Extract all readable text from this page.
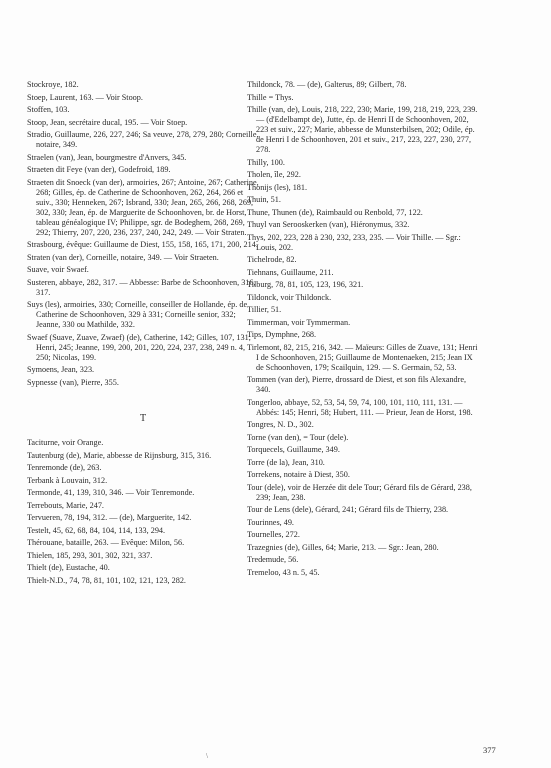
Stockroye, 182.
Stoep, Laurent, 163. — Voir Stoop.
Stoffen, 103.
Stoop, Jean, secrétaire ducal, 195. — Voir Stoep.
Stradio, Guillaume, 226, 227, 246; Sa veuve, 278, 279, 280; Corneille, notaire, 349.
Straelen (van), Jean, bourgmestre d'Anvers, 345.
Straeten dit Feye (van der), Godefroid, 189.
Straeten dit Snoeck (van der), armoiries, 267; Antoine, 267; Catherine, 268; Gilles, ép. de Catherine de Schoonhoven, 262, 264, 266 et suiv., 330; Henneken, 267; Isbrand, 330; Jean, 265, 266, 268, 269, 302, 330; Jean, ép. de Marguerite de Schoonhoven, br. de Horst, tableau généalogique IV; Philippe, sgr. de Bodeghem, 268, 269, 292; Thierry, 207, 220, 236, 237, 240, 242, 249. — Voir Straten.
Strasbourg, évêque: Guillaume de Diest, 155, 158, 165, 171, 200, 214.
Straten (van der), Corneille, notaire, 349. — Voir Straeten.
Suave, voir Swaef.
Susteren, abbaye, 282, 317. — Abbesse: Barbe de Schoonhoven, 316, 317.
Suys (les), armoiries, 330; Corneille, conseiller de Hollande, ép. de Catherine de Schoonhoven, 329 à 331; Corneille senior, 332; Jeanne, 330 ou Mathilde, 332.
Swaef (Suave, Zuave, Zwaef) (de), Catherine, 142; Gilles, 107, 131; Henri, 245; Jeanne, 199, 200, 201, 220, 224, 237, 238, 249 n. 4, 250; Nicolas, 199.
Symoens, Jean, 323.
Sypnesse (van), Pierre, 355.
T
Taciturne, voir Orange.
Tautenburg (de), Marie, abbesse de Rijnsburg, 315, 316.
Tenremonde (de), 263.
Terbank à Louvain, 312.
Termonde, 41, 139, 310, 346. — Voir Tenremonde.
Terrebouts, Marie, 247.
Tervueren, 78, 194, 312. — (de), Marguerite, 142.
Testelt, 45, 62, 68, 84, 104, 114, 133, 294.
Thérouane, bataille, 263. — Evêque: Milon, 56.
Thielen, 185, 293, 301, 302, 321, 337.
Thielt (de), Eustache, 40.
Thielt-N.D., 74, 78, 81, 101, 102, 121, 123, 282.
Thildonck, 78. — (de), Galterus, 89; Gilbert, 78.
Thille = Thys.
Thille (van, de), Louis, 218, 222, 230; Marie, 199, 218, 219, 223, 239. — (d'Edelbampt de), Jutte, ép. de Henri II de Schoonhoven, 202, 223 et suiv., 227; Marie, abbesse de Munsterbilsen, 202; Odile, ép. de Henri I de Schoonhoven, 201 et suiv., 217, 223, 227, 230, 277, 278.
Thilly, 100.
Tholen, île, 292.
Thonijs (les), 181.
Thuin, 51.
Thune, Thunen (de), Raimbauld ou Renbold, 77, 122.
Thuyl van Serooskerken (van), Hiéronymus, 332.
Thys, 202, 223, 228 à 230, 232, 233, 235. — Voir Thille. — Sgr.: Louis, 202.
Tichelrode, 82.
Tiehnans, Guillaume, 211.
Tilburg, 78, 81, 105, 123, 196, 321.
Tildonck, voir Thildonck.
Tillier, 51.
Timmerman, voir Tymmerman.
Tips, Dymphne, 268.
Tirlemont, 82, 215, 216, 342. — Maïeurs: Gilles de Zuave, 131; Henri I de Schoonhoven, 215; Guillaume de Montenaeken, 215; Jean IX de Schoonhoven, 179; Scailquin, 129. — S. Germain, 52, 53.
Tommen (van der), Pierre, drossard de Diest, et son fils Alexandre, 340.
Tongerloo, abbaye, 52, 53, 54, 59, 74, 100, 101, 110, 111, 131. — Abbés: 145; Henri, 58; Hubert, 111. — Prieur, Jean de Horst, 198.
Tongres, N. D., 302.
Torne (van den), = Tour (dele).
Torquecels, Guillaume, 349.
Torre (de la), Jean, 310.
Torrekens, notaire à Diest, 350.
Tour (dele), voir de Herzée dit dele Tour; Gérard fils de Gérard, 238, 239; Jean, 238.
Tour de Lens (dele), Gérard, 241; Gérard fils de Thierry, 238.
Tourinnes, 49.
Tournelles, 272.
Trazegnies (de), Gilles, 64; Marie, 213. — Sgr.: Jean, 280.
Tredemude, 56.
Tremeloo, 43 n. 5, 45.
377
\
